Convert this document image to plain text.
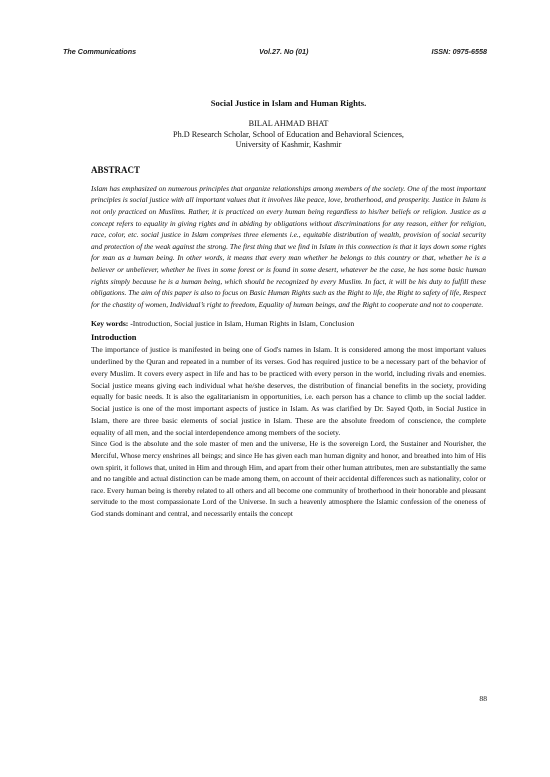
The Communications	Vol.27. No (01)	ISSN: 0975-6558
Social Justice in Islam and Human Rights.
BILAL AHMAD BHAT
Ph.D Research Scholar, School of Education and Behavioral Sciences,
University of Kashmir, Kashmir
ABSTRACT

Islam has emphasized on numerous principles that organize relationships among members of the society. One of the most important principles is social justice with all important values that it involves like peace, love, brotherhood, and prosperity. Justice in Islam is not only practiced on Muslims. Rather, it is practiced on every human being regardless to his/her beliefs or religion. Justice as a concept refers to equality in giving rights and in abiding by obligations without discriminations for any reason, either for religion, race, color, etc. social justice in Islam comprises three elements i.e., equitable distribution of wealth, provision of social security and protection of the weak against the strong. The first thing that we find in Islam in this connection is that it lays down some rights for man as a human being. In other words, it means that every man whether he belongs to this country or that, whether he is a believer or unbeliever, whether he lives in some forest or is found in some desert, whatever be the case, he has some basic human rights simply because he is a human being, which should be recognized by every Muslim. In fact, it will be his duty to fulfill these obligations. The aim of this paper is also to focus on Basic Human Rights such as the Right to life, the Right to safety of life, Respect for the chastity of women, Individual’s right to freedom, Equality of human beings, and the Right to cooperate and not to cooperate.

Key words: -Introduction, Social justice in Islam, Human Rights in Islam, Conclusion

Introduction

The importance of justice is manifested in being one of God's names in Islam. It is considered among the most important values underlined by the Quran and repeated in a number of its verses. God has required justice to be a necessary part of the behavior of every Muslim. It covers every aspect in life and has to be practiced with every person in the world, including rivals and enemies. Social justice means giving each individual what he/she deserves, the distribution of financial benefits in the society, providing equally for basic needs. It is also the egalitarianism in opportunities, i.e. each person has a chance to climb up the social ladder. Social justice is one of the most important aspects of justice in Islam. As was clarified by Dr. Sayed Qotb, in Social Justice in Islam, there are three basic elements of social justice in Islam. These are the absolute freedom of conscience, the complete equality of all men, and the social interdependence among members of the society.

Since God is the absolute and the sole master of men and the universe, He is the sovereign Lord, the Sustainer and Nourisher, the Merciful, Whose mercy enshrines all beings; and since He has given each man human dignity and honor, and breathed into him of His own spirit, it follows that, united in Him and through Him, and apart from their other human attributes, men are substantially the same and no tangible and actual distinction can be made among them, on account of their accidental differences such as nationality, color or race. Every human being is thereby related to all others and all become one community of brotherhood in their honorable and pleasant servitude to the most compassionate Lord of the Universe. In such a heavenly atmosphere the Islamic confession of the oneness of God stands dominant and central, and necessarily entails the concept

88
